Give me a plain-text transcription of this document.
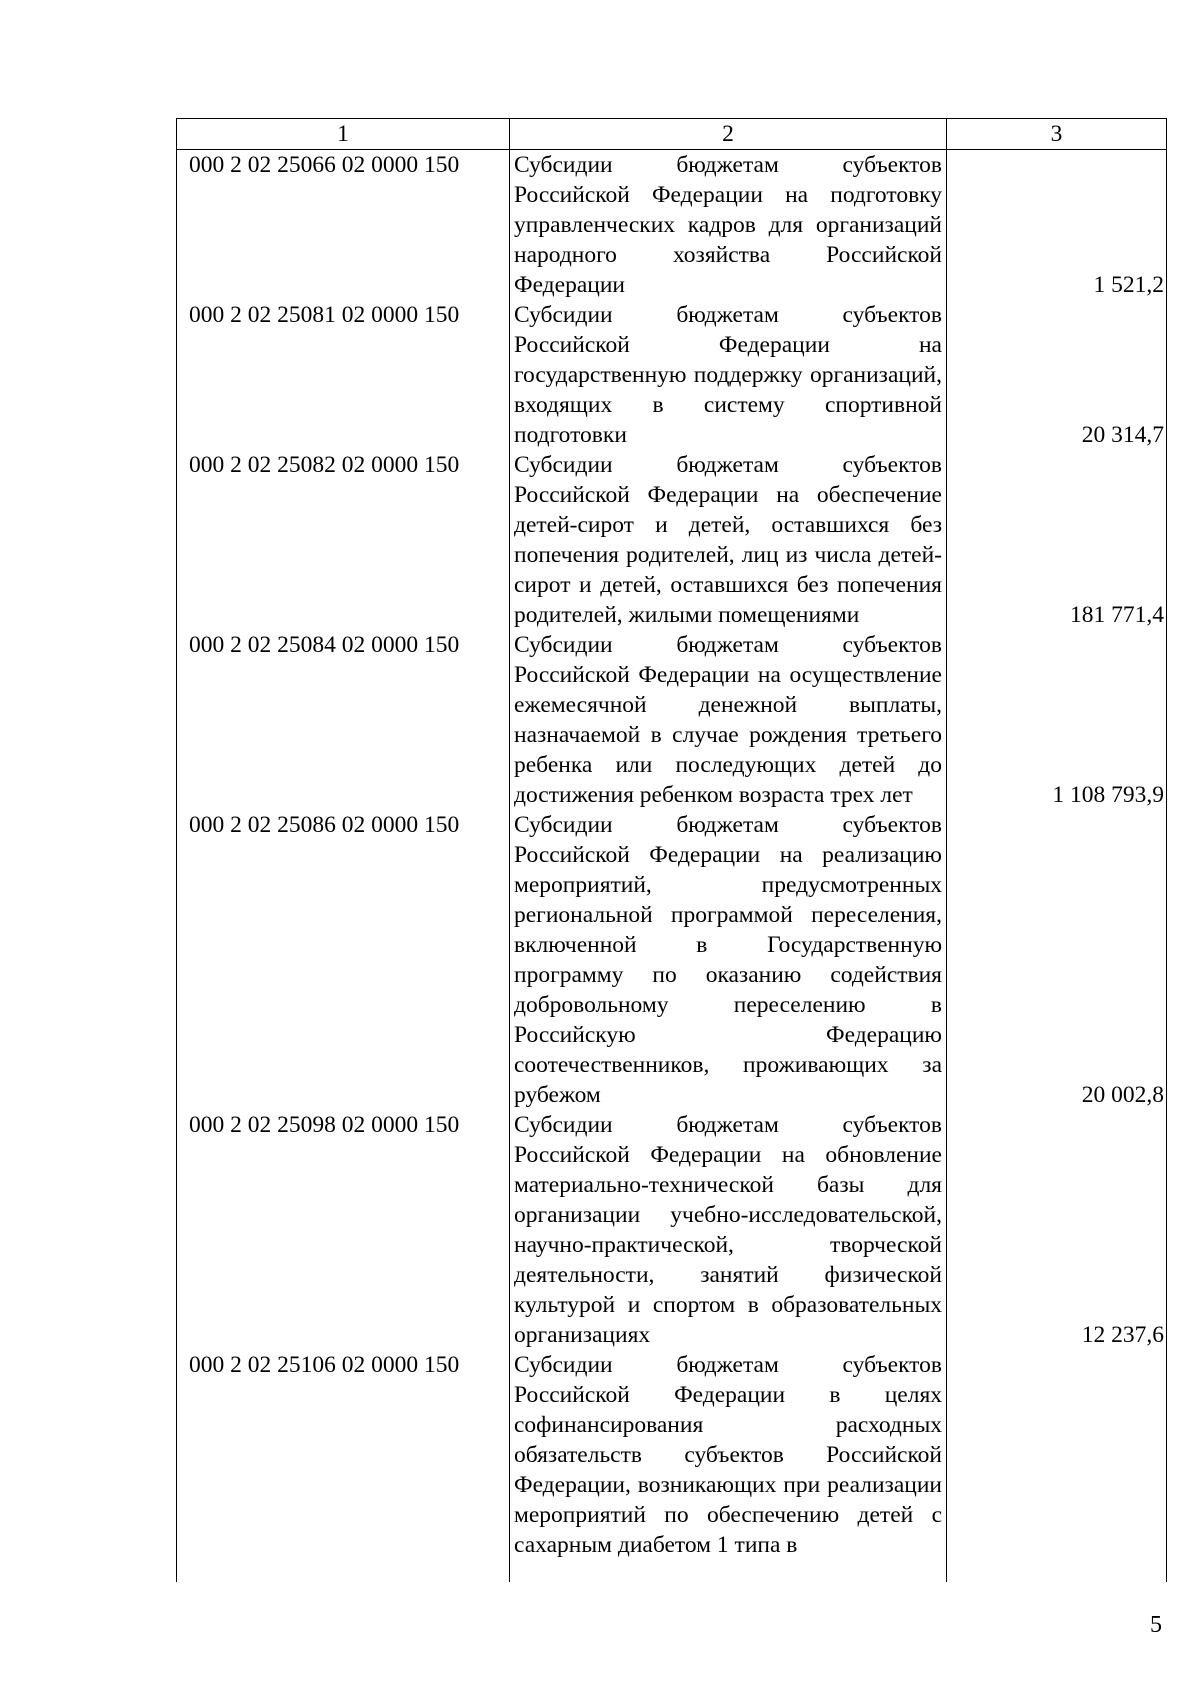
1	2	3
000 2 02 25066 02 0000 150	Субсидии бюджетам субъектов Российской Федерации на подготовку управленческих кадров для организаций народного хозяйства Российской Федерации	1 521,2
000 2 02 25081 02 0000 150	Субсидии бюджетам субъектов Российской Федерации на государственную поддержку организаций, входящих в систему спортивной подготовки	20 314,7
000 2 02 25082 02 0000 150	Субсидии бюджетам субъектов Российской Федерации на обеспечение детей-сирот и детей, оставшихся без попечения родителей, лиц из числа детей-сирот и детей, оставшихся без попечения родителей, жилыми помещениями	181 771,4
000 2 02 25084 02 0000 150	Субсидии бюджетам субъектов Российской Федерации на осуществление ежемесячной денежной выплаты, назначаемой в случае рождения третьего ребенка или последующих детей до достижения ребенком возраста трех лет	1 108 793,9
000 2 02 25086 02 0000 150	Субсидии бюджетам субъектов Российской Федерации на реализацию мероприятий, предусмотренных региональной программой переселения, включенной в Государственную программу по оказанию содействия добровольному переселению в Российскую Федерацию соотечественников, проживающих за рубежом	20 002,8
000 2 02 25098 02 0000 150	Субсидии бюджетам субъектов Российской Федерации на обновление материально-технической базы для организации учебно-исследовательской, научно-практической, творческой деятельности, занятий физической культурой и спортом в образовательных организациях	12 237,6
000 2 02 25106 02 0000 150	Субсидии бюджетам субъектов Российской Федерации в целях софинансирования расходных обязательств субъектов Российской Федерации, возникающих при реализации мероприятий по обеспечению детей с сахарным диабетом 1 типа в	
5
